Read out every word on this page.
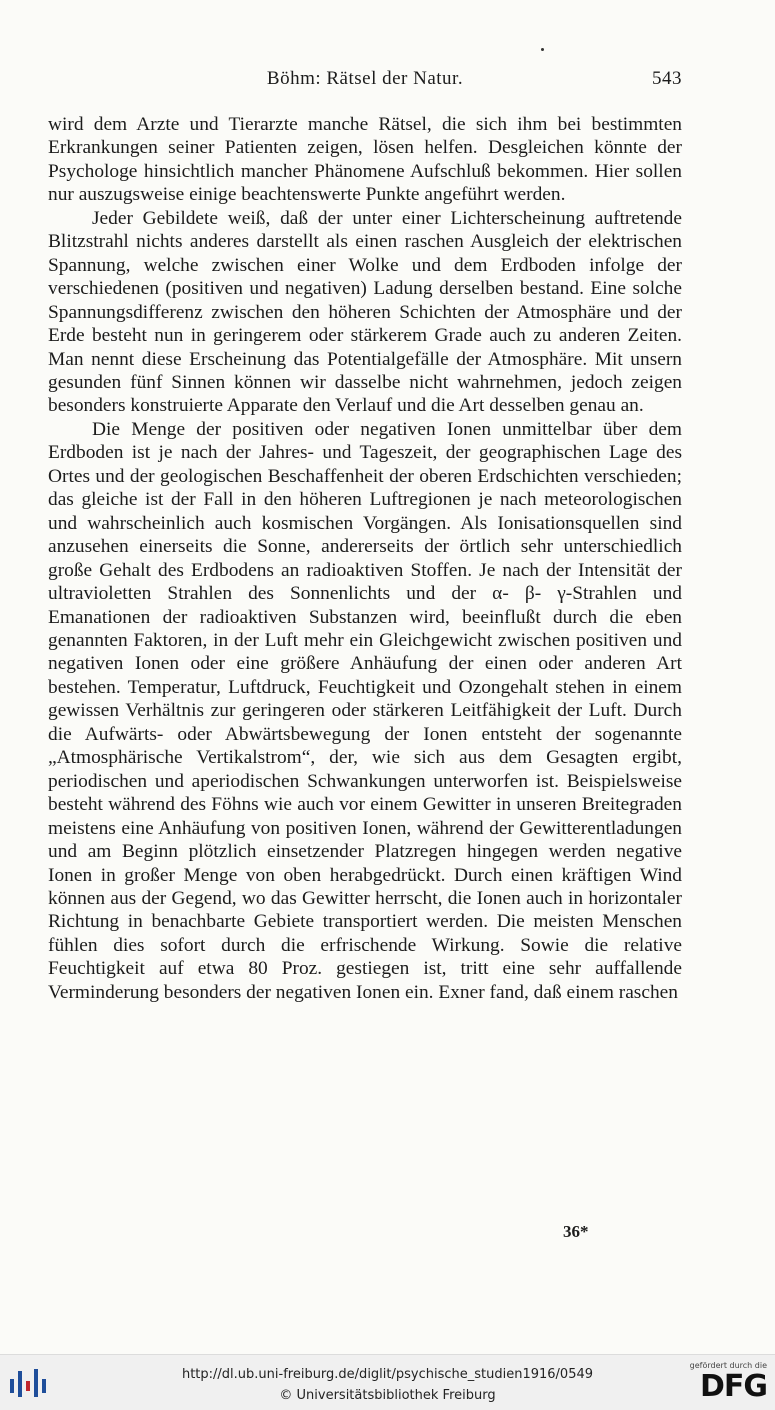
Böhm: Rätsel der Natur.	543

wird dem Arzte und Tierarzte manche Rätsel, die sich ihm bei bestimmten Erkrankungen seiner Patienten zeigen, lösen helfen. Desgleichen könnte der Psychologe hinsichtlich mancher Phänomene Aufschluß bekommen. Hier sollen nur auszugsweise einige beachtenswerte Punkte angeführt werden.

Jeder Gebildete weiß, daß der unter einer Lichterscheinung auftretende Blitzstrahl nichts anderes darstellt als einen raschen Ausgleich der elektrischen Spannung, welche zwischen einer Wolke und dem Erdboden infolge der verschiedenen (positiven und negativen) Ladung derselben bestand. Eine solche Spannungsdifferenz zwischen den höheren Schichten der Atmosphäre und der Erde besteht nun in geringerem oder stärkerem Grade auch zu anderen Zeiten. Man nennt diese Erscheinung das Potentialgefälle der Atmosphäre. Mit unsern gesunden fünf Sinnen können wir dasselbe nicht wahrnehmen, jedoch zeigen besonders konstruierte Apparate den Verlauf und die Art desselben genau an.

Die Menge der positiven oder negativen Ionen unmittelbar über dem Erdboden ist je nach der Jahres- und Tageszeit, der geographischen Lage des Ortes und der geologischen Beschaffenheit der oberen Erdschichten verschieden; das gleiche ist der Fall in den höheren Luftregionen je nach meteorologischen und wahrscheinlich auch kosmischen Vorgängen. Als Ionisationsquellen sind anzusehen einerseits die Sonne, andererseits der örtlich sehr unterschiedlich große Gehalt des Erdbodens an radioaktiven Stoffen. Je nach der Intensität der ultravioletten Strahlen des Sonnenlichts und der α- β- γ-Strahlen und Emanationen der radioaktiven Substanzen wird, beeinflußt durch die eben genannten Faktoren, in der Luft mehr ein Gleichgewicht zwischen positiven und negativen Ionen oder eine größere Anhäufung der einen oder anderen Art bestehen. Temperatur, Luftdruck, Feuchtigkeit und Ozongehalt stehen in einem gewissen Verhältnis zur geringeren oder stärkeren Leitfähigkeit der Luft. Durch die Aufwärts- oder Abwärtsbewegung der Ionen entsteht der sogenannte „Atmosphärische Vertikalstrom“, der, wie sich aus dem Gesagten ergibt, periodischen und aperiodischen Schwankungen unterworfen ist. Beispielsweise besteht während des Föhns wie auch vor einem Gewitter in unseren Breitegraden meistens eine Anhäufung von positiven Ionen, während der Gewitterentladungen und am Beginn plötzlich einsetzender Platzregen hingegen werden negative Ionen in großer Menge von oben herabgedrückt. Durch einen kräftigen Wind können aus der Gegend, wo das Gewitter herrscht, die Ionen auch in horizontaler Richtung in benachbarte Gebiete transportiert werden. Die meisten Menschen fühlen dies sofort durch die erfrischende Wirkung. Sowie die relative Feuchtigkeit auf etwa 80 Proz. gestiegen ist, tritt eine sehr auffallende Verminderung besonders der negativen Ionen ein. Exner fand, daß einem raschen

36*
http://dl.ub.uni-freiburg.de/diglit/psychische_studien1916/0549
© Universitätsbibliothek Freiburg
gefördert durch die
DFG
